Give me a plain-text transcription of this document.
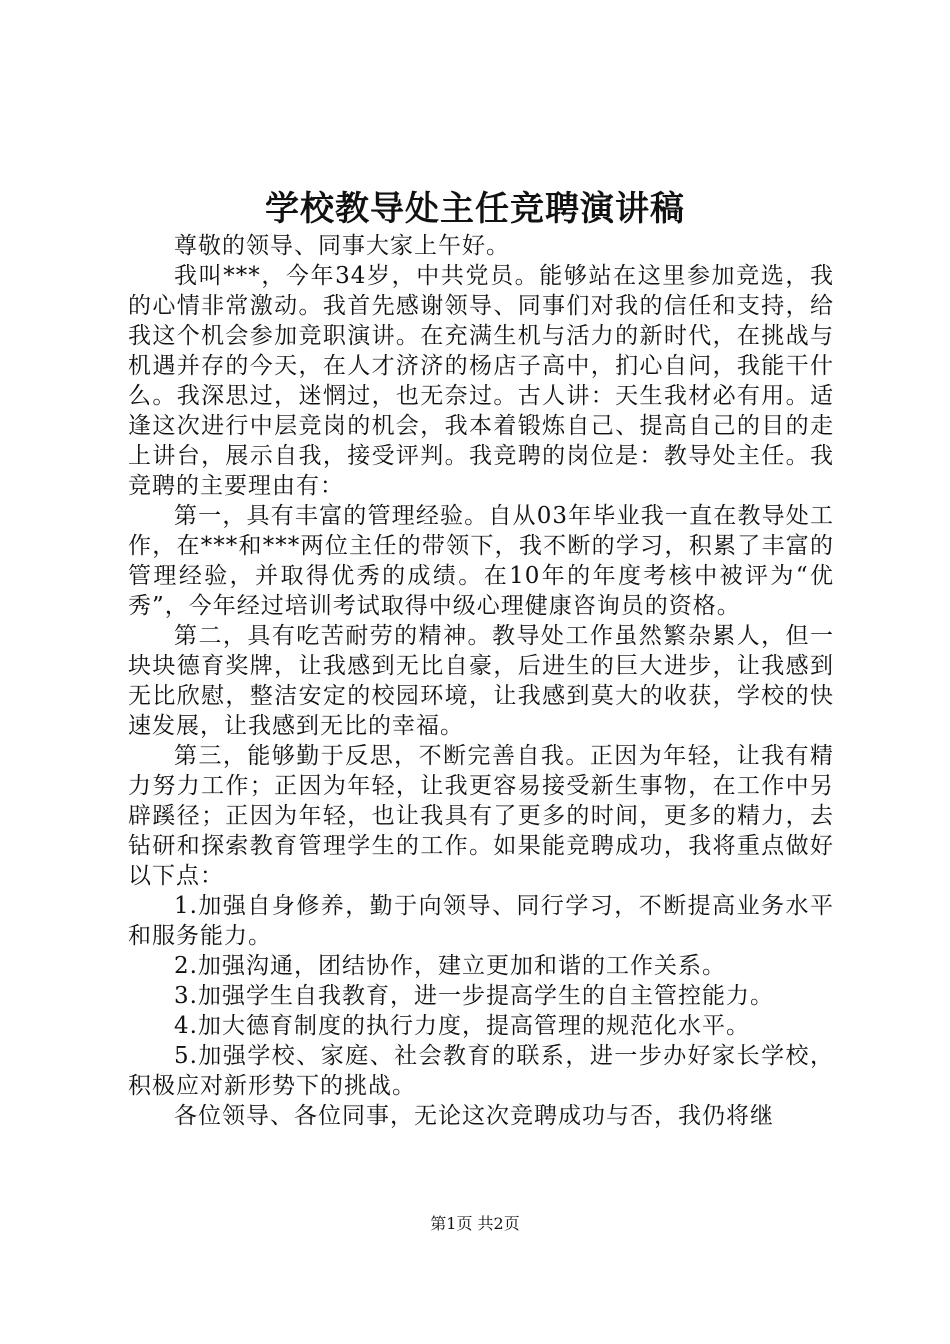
学校教导处主任竞聘演讲稿

尊敬的领导、同事大家上午好。

我叫***，今年34岁，中共党员。能够站在这里参加竞选，我的心情非常激动。我首先感谢领导、同事们对我的信任和支持，给我这个机会参加竞职演讲。在充满生机与活力的新时代，在挑战与机遇并存的今天，在人才济济的杨店子高中，扪心自问，我能干什么。我深思过，迷惘过，也无奈过。古人讲：天生我材必有用。适逢这次进行中层竞岗的机会，我本着锻炼自己、提高自己的目的走上讲台，展示自我，接受评判。我竞聘的岗位是：教导处主任。我竞聘的主要理由有：

第一，具有丰富的管理经验。自从03年毕业我一直在教导处工作，在***和***两位主任的带领下，我不断的学习，积累了丰富的管理经验，并取得优秀的成绩。在10年的年度考核中被评为“优秀”，今年经过培训考试取得中级心理健康咨询员的资格。

第二，具有吃苦耐劳的精神。教导处工作虽然繁杂累人，但一块块德育奖牌，让我感到无比自豪，后进生的巨大进步，让我感到无比欣慰，整洁安定的校园环境，让我感到莫大的收获，学校的快速发展，让我感到无比的幸福。

第三，能够勤于反思，不断完善自我。正因为年轻，让我有精力努力工作；正因为年轻，让我更容易接受新生事物，在工作中另辟蹊径；正因为年轻，也让我具有了更多的时间，更多的精力，去钻研和探索教育管理学生的工作。如果能竞聘成功，我将重点做好以下点：

1.加强自身修养，勤于向领导、同行学习，不断提高业务水平和服务能力。

2.加强沟通，团结协作，建立更加和谐的工作关系。

3.加强学生自我教育，进一步提高学生的自主管控能力。

4.加大德育制度的执行力度，提高管理的规范化水平。

5.加强学校、家庭、社会教育的联系，进一步办好家长学校，积极应对新形势下的挑战。

各位领导、各位同事，无论这次竞聘成功与否，我仍将继

第1页 共2页
